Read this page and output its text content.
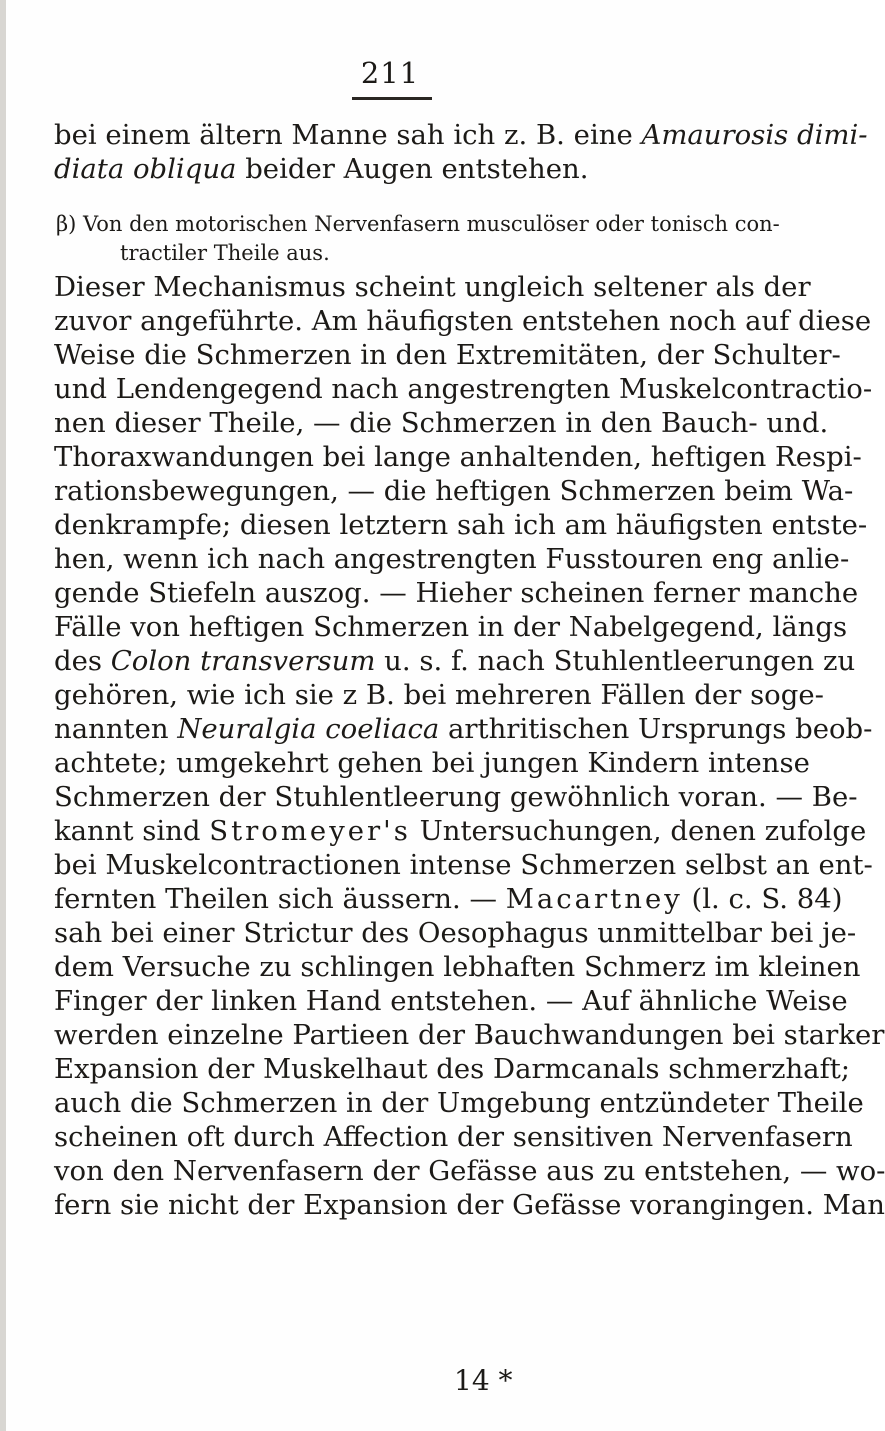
211
bei einem ältern Manne sah ich z. B. eine Amaurosis dimi-
diata obliqua beider Augen entstehen.
β) Von den motorischen Nervenfasern musculöser oder tonisch con-
tractiler Theile aus.
Dieser Mechanismus scheint ungleich seltener als der
zuvor angeführte. Am häufigsten entstehen noch auf diese
Weise die Schmerzen in den Extremitäten, der Schulter-
und Lendengegend nach angestrengten Muskelcontractio-
nen dieser Theile, — die Schmerzen in den Bauch- und.
Thoraxwandungen bei lange anhaltenden, heftigen Respi-
rationsbewegungen, — die heftigen Schmerzen beim Wa-
denkrampfe; diesen letztern sah ich am häufigsten entste-
hen, wenn ich nach angestrengten Fusstouren eng anlie-
gende Stiefeln auszog. — Hieher scheinen ferner manche
Fälle von heftigen Schmerzen in der Nabelgegend, längs
des Colon transversum u. s. f. nach Stuhlentleerungen zu
gehören, wie ich sie z B. bei mehreren Fällen der soge-
nannten Neuralgia coeliaca arthritischen Ursprungs beob-
achtete; umgekehrt gehen bei jungen Kindern intense
Schmerzen der Stuhlentleerung gewöhnlich voran. — Be-
kannt sind Stromeyer's Untersuchungen, denen zufolge
bei Muskelcontractionen intense Schmerzen selbst an ent-
fernten Theilen sich äussern. — Macartney (l. c. S. 84)
sah bei einer Strictur des Oesophagus unmittelbar bei je-
dem Versuche zu schlingen lebhaften Schmerz im kleinen
Finger der linken Hand entstehen. — Auf ähnliche Weise
werden einzelne Partieen der Bauchwandungen bei starker
Expansion der Muskelhaut des Darmcanals schmerzhaft;
auch die Schmerzen in der Umgebung entzündeter Theile
scheinen oft durch Affection der sensitiven Nervenfasern
von den Nervenfasern der Gefässe aus zu entstehen, — wo-
fern sie nicht der Expansion der Gefässe vorangingen. Man
14 *
